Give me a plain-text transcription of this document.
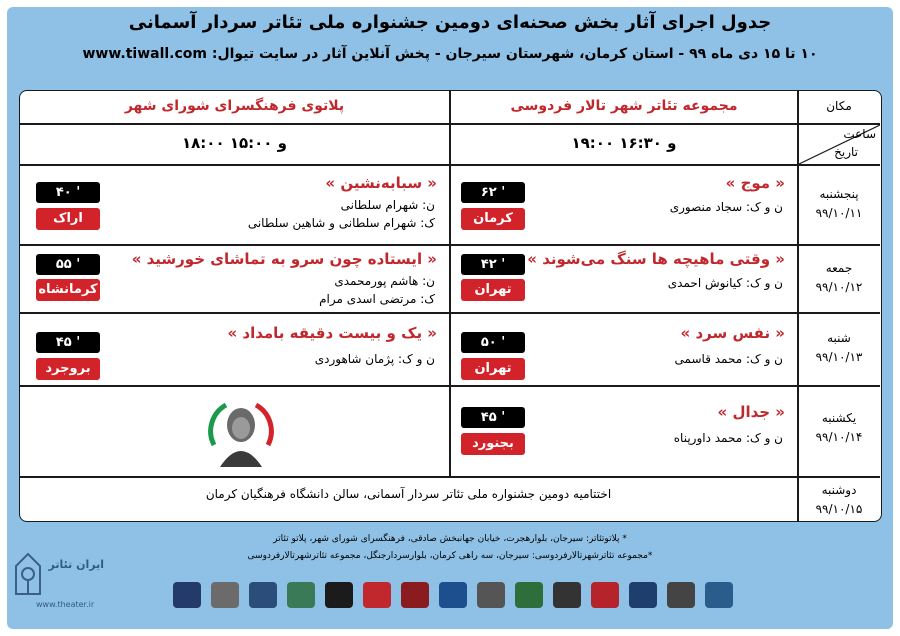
جدول اجرای آثار بخش صحنه‌ای دومین جشنواره ملی تئاتر سردار آسمانی
۱۰ تا ۱۵ دی ماه ۹۹ - استان کرمان، شهرستان سیرجان - پخش آنلاین آثار در سایت تیوال: www.tiwall.com
مکان
مجموعه تئاتر شهر تالار فردوسی
پلاتوی فرهنگسرای شورای شهر
ساعت
تاریخ
۱۹:۰۰ و ۱۶:۳۰
۱۸:۰۰ و ۱۵:۰۰
پنجشنبه
۹۹/۱۰/۱۱
جمعه
۹۹/۱۰/۱۲
شنبه
۹۹/۱۰/۱۳
یکشنبه
۹۹/۱۰/۱۴
دوشنبه
۹۹/۱۰/۱۵
« موج »
ن و ک: سجاد منصوری
۶۲ '
کرمان
« وقتی ماهیچه ها سنگ می‌شوند »
ن و ک: کیانوش احمدی
۴۲ '
تهران
« نفس سرد »
ن و ک: محمد قاسمی
۵۰ '
تهران
« جدال »
ن و ک: محمد داورپناه
۴۵ '
بجنورد
« سبابه‌نشین »
ن: شهرام سلطانی
ک: شهرام سلطانی و شاهین سلطانی
۴۰ '
اراک
« ایستاده چون سرو به تماشای خورشید »
ن: هاشم پورمحمدی
ک: مرتضی اسدی مرام
۵۵ '
کرمانشاه
« یک و بیست دقیقه بامداد »
ن و ک: پژمان شاهوردی
۴۵ '
بروجرد
اختتامیه دومین جشنواره ملی تئاتر سردار آسمانی، سالن دانشگاه فرهنگیان کرمان
* پلاتوتئاتر: سیرجان، بلوارهجرت، خیابان جهانبخش صادقی، فرهنگسرای شورای شهر، پلاتو تئاتر
*مجموعه تئاترشهرتالارفردوسی: سیرجان، سه راهی کرمان، بلوارسردارجنگل، مجموعه تئاترشهرتالارفردوسی
ایران تئاتر
www.theater.ir
